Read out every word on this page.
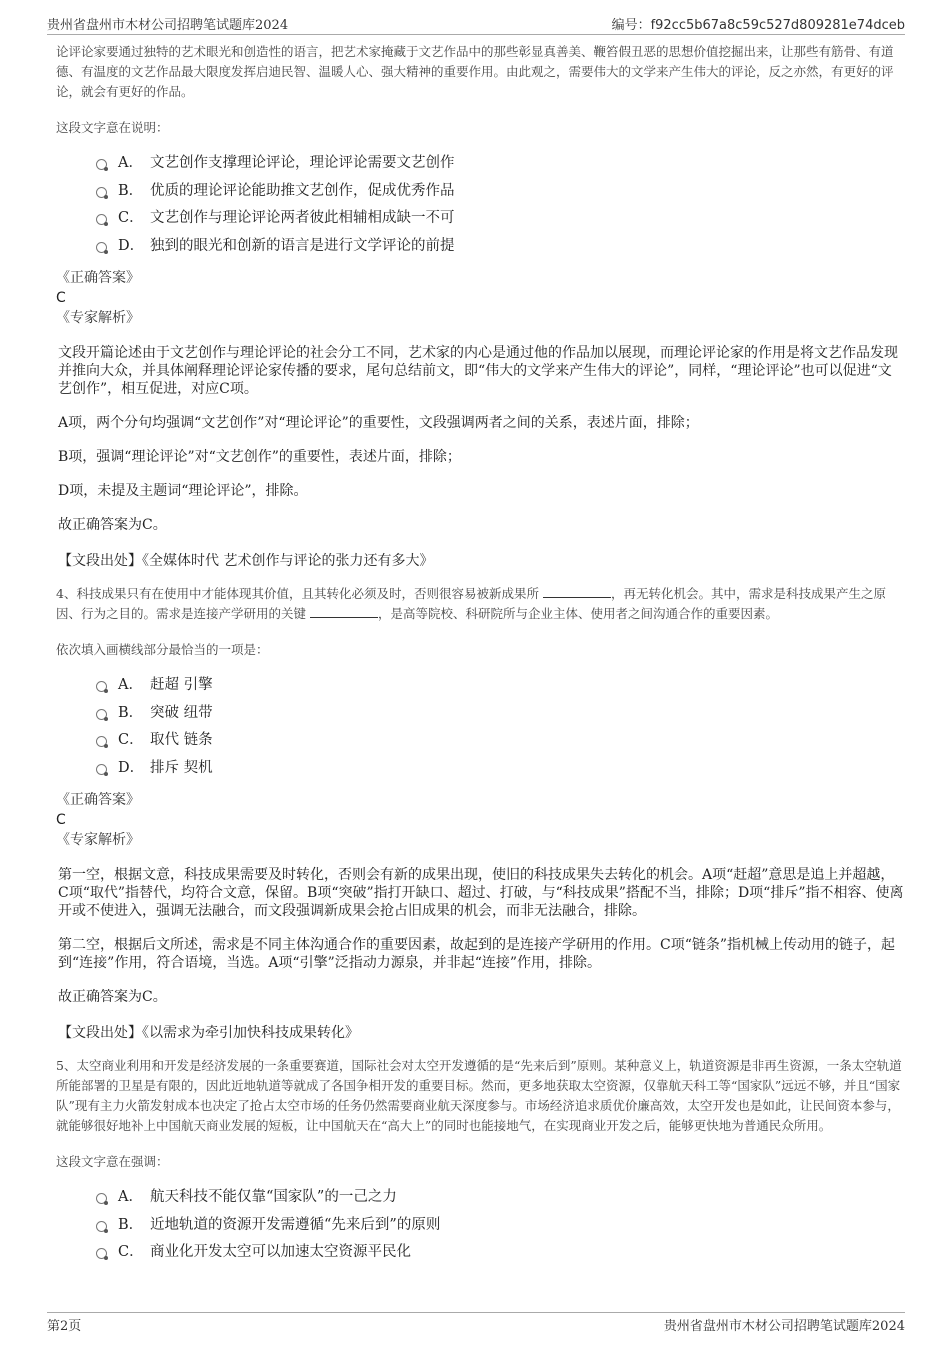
贵州省盘州市木材公司招聘笔试题库2024	编号：f92cc5b67a8c59c527d809281e74dceb

论评论家要通过独特的艺术眼光和创造性的语言，把艺术家掩藏于文艺作品中的那些彰显真善美、鞭笞假丑恶的思想价值挖掘出来，让那些有筋骨、有道德、有温度的文艺作品最大限度发挥启迪民智、温暖人心、强大精神的重要作用。由此观之，需要伟大的文学来产生伟大的评论，反之亦然，有更好的评论，就会有更好的作品。

这段文字意在说明：

A． 文艺创作支撑理论评论，理论评论需要文艺创作
B． 优质的理论评论能助推文艺创作，促成优秀作品
C． 文艺创作与理论评论两者彼此相辅相成缺一不可
D． 独到的眼光和创新的语言是进行文学评论的前提

《正确答案》

C

《专家解析》

文段开篇论述由于文艺创作与理论评论的社会分工不同，艺术家的内心是通过他的作品加以展现，而理论评论家的作用是将文艺作品发现并推向大众，并具体阐释理论评论家传播的要求，尾句总结前文，即“伟大的文学来产生伟大的评论”，同样，“理论评论”也可以促进“文艺创作”，相互促进，对应C项。

A项，两个分句均强调“文艺创作”对“理论评论”的重要性，文段强调两者之间的关系，表述片面，排除；

B项，强调“理论评论”对“文艺创作”的重要性，表述片面，排除；

D项，未提及主题词“理论评论”，排除。

故正确答案为C。

【文段出处】《全媒体时代 艺术创作与评论的张力还有多大》

4、科技成果只有在使用中才能体现其价值，且其转化必须及时，否则很容易被新成果所	，再无转化机会。其中，需求是科技成果产生之原因、行为之目的。需求是连接产学研用的关键	，是高等院校、科研院所与企业主体、使用者之间沟通合作的重要因素。

依次填入画横线部分最恰当的一项是：

A． 赶超 引擎
B． 突破 纽带
C． 取代 链条
D． 排斥 契机

《正确答案》

C

《专家解析》

第一空，根据文意，科技成果需要及时转化，否则会有新的成果出现，使旧的科技成果失去转化的机会。A项“赶超”意思是追上并超越，C项“取代”指替代，均符合文意，保留。B项“突破”指打开缺口、超过、打破，与“科技成果”搭配不当，排除；D项“排斥”指不相容、使离开或不使进入，强调无法融合，而文段强调新成果会抢占旧成果的机会，而非无法融合，排除。

第二空，根据后文所述，需求是不同主体沟通合作的重要因素，故起到的是连接产学研用的作用。C项“链条”指机械上传动用的链子，起到“连接”作用，符合语境，当选。A项“引擎”泛指动力源泉，并非起“连接”作用，排除。

故正确答案为C。

【文段出处】《以需求为牵引加快科技成果转化》

5、太空商业利用和开发是经济发展的一条重要赛道，国际社会对太空开发遵循的是“先来后到”原则。某种意义上，轨道资源是非再生资源，一条太空轨道所能部署的卫星是有限的，因此近地轨道等就成了各国争相开发的重要目标。然而，更多地获取太空资源，仅靠航天科工等“国家队”远远不够，并且“国家队”现有主力火箭发射成本也决定了抢占太空市场的任务仍然需要商业航天深度参与。市场经济追求质优价廉高效，太空开发也是如此，让民间资本参与，就能够很好地补上中国航天商业发展的短板，让中国航天在“高大上”的同时也能接地气，在实现商业开发之后，能够更快地为普通民众所用。

这段文字意在强调：

A． 航天科技不能仅靠“国家队”的一己之力
B． 近地轨道的资源开发需遵循“先来后到”的原则
C． 商业化开发太空可以加速太空资源平民化
第2页	贵州省盘州市木材公司招聘笔试题库2024
